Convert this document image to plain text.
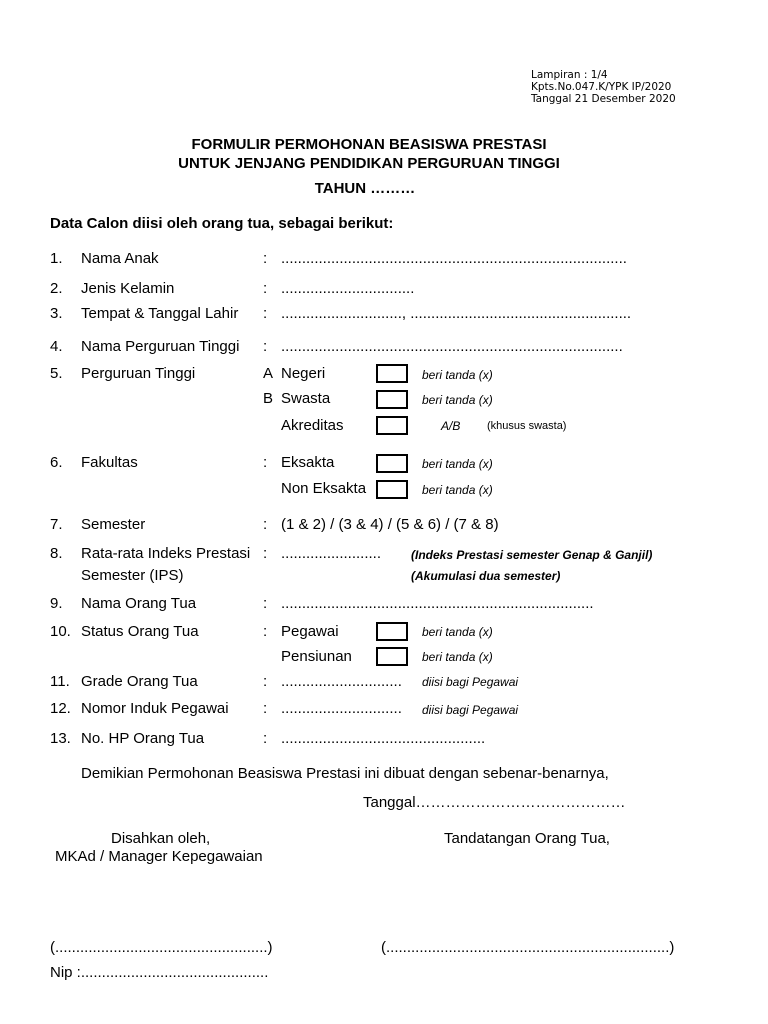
Lampiran : 1/4
Kpts.No.047.K/YPK IP/2020
Tanggal 21 Desember 2020
FORMULIR PERMOHONAN BEASISWA PRESTASI
UNTUK JENJANG PENDIDIKAN PERGURUAN TINGGI
TAHUN ………
Data Calon diisi oleh orang tua, sebagai berikut:
1. Nama Anak	: ...................................................................................
2. Jenis Kelamin	: ................................
3. Tempat & Tanggal Lahir : ............................., .....................................................
4. Nama Perguruan Tinggi : ..................................................................................
5. Perguruan Tinggi	A Negeri	beri tanda (x)
B Swasta	beri tanda (x)
Akreditas	A/B (khusus swasta)
6. Fakultas	: Eksakta	beri tanda (x)
Non Eksakta	beri tanda (x)
7. Semester	: (1 & 2) / (3 & 4) / (5 & 6) / (7 & 8)
8. Rata-rata Indeks Prestasi : ........................ (Indeks Prestasi semester Genap & Ganjil)
Semester (IPS)	(Akumulasi dua semester)
9. Nama Orang Tua	: ...........................................................................
10. Status Orang Tua	: Pegawai	beri tanda (x)
Pensiunan	beri tanda (x)
11. Grade Orang Tua	: ............................. diisi bagi Pegawai
12. Nomor Induk Pegawai : ............................. diisi bagi Pegawai
13. No. HP Orang Tua	: .................................................
Demikian Permohonan Beasiswa Prestasi ini dibuat dengan sebenar-benarnya,
Tanggal……………………………………
Disahkan oleh,
MKAd / Manager Kepegawaian
Tandatangan Orang Tua,
(...................................................)	(....................................................................)
Nip :.............................................
